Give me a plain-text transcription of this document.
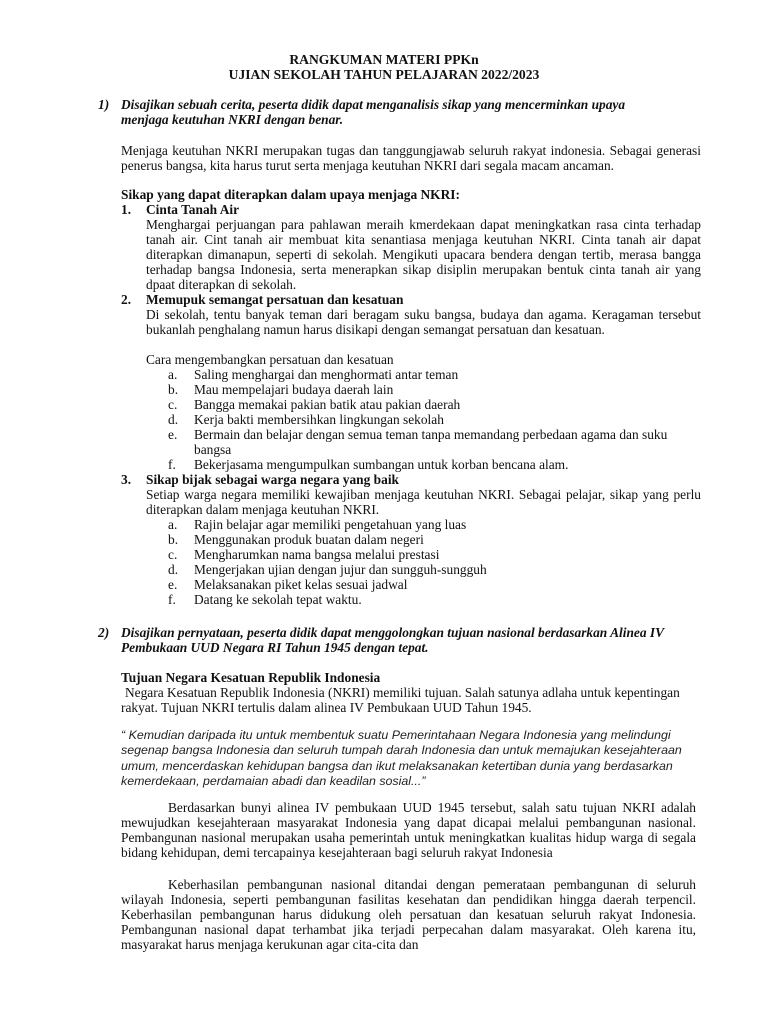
RANGKUMAN MATERI PPKn
UJIAN SEKOLAH TAHUN PELAJARAN 2022/2023
1) Disajikan sebuah cerita, peserta didik dapat menganalisis sikap yang mencerminkan upaya menjaga keutuhan NKRI dengan benar.
Menjaga keutuhan NKRI merupakan tugas dan tanggungjawab seluruh rakyat indonesia. Sebagai generasi penerus bangsa, kita harus turut serta menjaga keutuhan NKRI dari segala macam ancaman.
Sikap yang dapat diterapkan dalam upaya menjaga NKRI:
1. Cinta Tanah Air
Menghargai perjuangan para pahlawan meraih kmerdekaan dapat meningkatkan rasa cinta terhadap tanah air. Cint tanah air membuat kita senantiasa menjaga keutuhan NKRI. Cinta tanah air dapat diterapkan dimanapun, seperti di sekolah. Mengikuti upacara bendera dengan tertib, merasa bangga terhadap bangsa Indonesia, serta menerapkan sikap disiplin merupakan bentuk cinta tanah air yang dpaat diterapkan di sekolah.
2. Memupuk semangat persatuan dan kesatuan
Di sekolah, tentu banyak teman dari beragam suku bangsa, budaya dan agama. Keragaman tersebut bukanlah penghalang namun harus disikapi dengan semangat persatuan dan kesatuan.
Cara mengembangkan persatuan dan kesatuan
a. Saling menghargai dan menghormati antar teman
b. Mau mempelajari budaya daerah lain
c. Bangga memakai pakian batik atau pakian daerah
d. Kerja bakti membersihkan lingkungan sekolah
e. Bermain dan belajar dengan semua teman tanpa memandang perbedaan agama dan suku bangsa
f. Bekerjasama mengumpulkan sumbangan untuk korban bencana alam.
3. Sikap bijak sebagai warga negara yang baik
Setiap warga negara memiliki kewajiban menjaga keutuhan NKRI. Sebagai pelajar, sikap yang perlu diterapkan dalam menjaga keutuhan NKRI.
a. Rajin belajar agar memiliki pengetahuan yang luas
b. Menggunakan produk buatan dalam negeri
c. Mengharumkan nama bangsa melalui prestasi
d. Mengerjakan ujian dengan jujur dan sungguh-sungguh
e. Melaksanakan piket kelas sesuai jadwal
f. Datang ke sekolah tepat waktu.
2) Disajikan pernyataan, peserta didik dapat menggolongkan tujuan nasional berdasarkan Alinea IV Pembukaan UUD Negara RI Tahun 1945 dengan tepat.
Tujuan Negara Kesatuan Republik Indonesia
Negara Kesatuan Republik Indonesia (NKRI) memiliki tujuan. Salah satunya adlaha untuk kepentingan rakyat. Tujuan NKRI tertulis dalam alinea IV Pembukaan UUD Tahun 1945.
“ Kemudian daripada itu untuk membentuk suatu Pemerintahaan Negara Indonesia yang melindungi segenap bangsa Indonesia dan seluruh tumpah darah Indonesia dan untuk memajukan kesejahteraan umum, mencerdaskan kehidupan bangsa dan ikut melaksanakan ketertiban dunia yang berdasarkan kemerdekaan, perdamaian abadi dan keadilan sosial...”
Berdasarkan bunyi alinea IV pembukaan UUD 1945 tersebut, salah satu tujuan NKRI adalah mewujudkan kesejahteraan masyarakat Indonesia yang dapat dicapai melalui pembangunan nasional. Pembangunan nasional merupakan usaha pemerintah untuk meningkatkan kualitas hidup warga di segala bidang kehidupan, demi tercapainya kesejahteraan bagi seluruh rakyat Indonesia
Keberhasilan pembangunan nasional ditandai dengan pemerataan pembangunan di seluruh wilayah Indonesia, seperti pembangunan fasilitas kesehatan dan pendidikan hingga daerah terpencil. Keberhasilan pembangunan harus didukung oleh persatuan dan kesatuan seluruh rakyat Indonesia. Pembangunan nasional dapat terhambat jika terjadi perpecahan dalam masyarakat. Oleh karena itu, masyarakat harus menjaga kerukunan agar cita-cita dan
